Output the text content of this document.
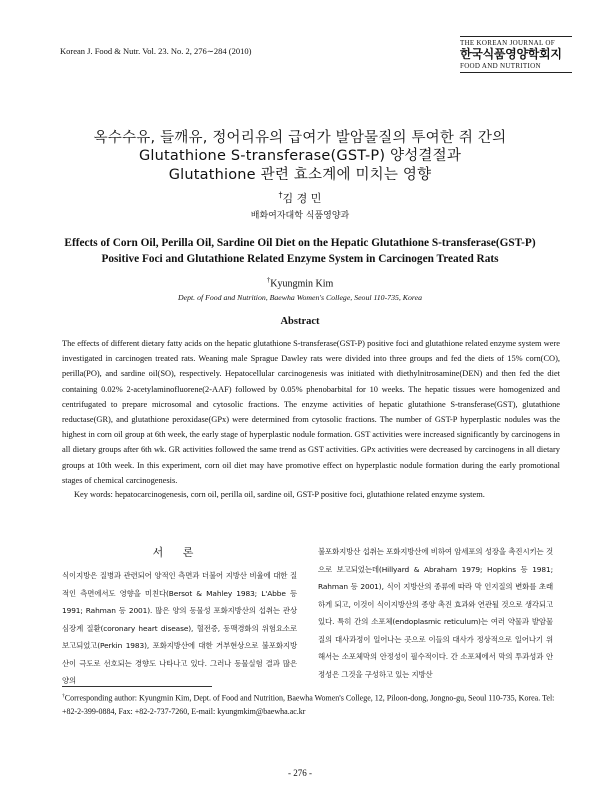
Korean J. Food & Nutr. Vol. 23. No. 2, 276∼284 (2010)
THE KOREAN JOURNAL OF
한국식품영양학회지
FOOD AND NUTRITION
옥수수유, 들깨유, 정어리유의 급여가 발암물질의 투여한 쥐 간의
Glutathione S-transferase(GST-P) 양성결절과
Glutathione 관련 효소계에 미치는 영향
†김 경 민
배화여자대학 식품영양과
Effects of Corn Oil, Perilla Oil, Sardine Oil Diet on the Hepatic Glutathione S-transferase(GST-P)
Positive Foci and Glutathione Related Enzyme System in Carcinogen Treated Rats
†Kyungmin Kim
Dept. of Food and Nutrition, Baewha Women's College, Seoul 110-735, Korea
Abstract

The effects of different dietary fatty acids on the hepatic glutathione S-transferase(GST-P) positive foci and glutathione related enzyme system were investigated in carcinogen treated rats. Weaning male Sprague Dawley rats were divided into three groups and fed the diets of 15% corn(CO), perilla(PO), and sardine oil(SO), respectively. Hepatocellular carcinogenesis was initiated with diethylnitrosamine(DEN) and then fed the diet containing 0.02% 2-acetylaminofluorene(2-AAF) followed by 0.05% phenobarbital for 10 weeks. The hepatic tissues were homogenized and centrifugated to prepare microsomal and cytosolic fractions. The enzyme activities of hepatic glutathione S-transferase(GST), glutathione reductase(GR), and glutathione peroxidase(GPx) were determined from cytosolic fractions. The number of GST-P hyperplastic nodules was the highest in corn oil group at 6th week, the early stage of hyperplastic nodule formation. GST activities were increased significantly by carcinogens in all dietary groups after 6th wk. GR activities followed the same trend as GST activities. GPx activities were decreased by carcinogens in all dietary groups at 10th week. In this experiment, corn oil diet may have promotive effect on hyperplastic nodule formation during the early promotional stages of chemical carcinogenesis.

Key words: hepatocarcinogenesis, corn oil, perilla oil, sardine oil, GST-P positive foci, glutathione related enzyme system.
서 론

식이지방은 질병과 관련되어 양적인 측면과 더불어 지방산 비율에 대한 질적인 측면에서도 영향을 미친다(Bersot & Mahley 1983; L'Abbe 등 1991; Rahman 등 2001). 많은 양의 동물성 포화지방산의 섭취는 관상심장계 질환(coronary heart disease), 혈전증, 동맥경화의 위험요소로 보고되었고(Perkin 1983), 포화지방산에 대한 거부현상으로 불포화지방산이 극도로 선호되는 경향도 나타나고 있다. 그러나 동물실험 결과 많은 양의

불포화지방산 섭취는 포화지방산에 비하여 암세포의 성장을 촉진시키는 것으로 보고되었는데(Hillyard & Abraham 1979; Hopkins 등 1981; Rahman 등 2001), 식이 지방산의 종류에 따라 막 인지질의 변화를 초래하게 되고, 이것이 식이지방산의 종양 촉진 효과와 연관될 것으로 생각되고 있다. 특히 간의 소포체(endoplasmic reticulum)는 여러 약물과 발암물질의 대사과정이 일어나는 곳으로 이들의 대사가 정상적으로 일어나기 위해서는 소포체막의 안정성이 필수적이다. 간 소포체에서 막의 투과성과 안정성은 그것을 구성하고 있는 지방산

†Corresponding author: Kyungmin Kim, Dept. of Food and Nutrition, Baewha Women's College, 12, Piloon-dong, Jongno-gu, Seoul 110-735, Korea. Tel: +82-2-399-0884, Fax: +82-2-737-7260, E-mail: kyungmkim@baewha.ac.kr

- 276 -
